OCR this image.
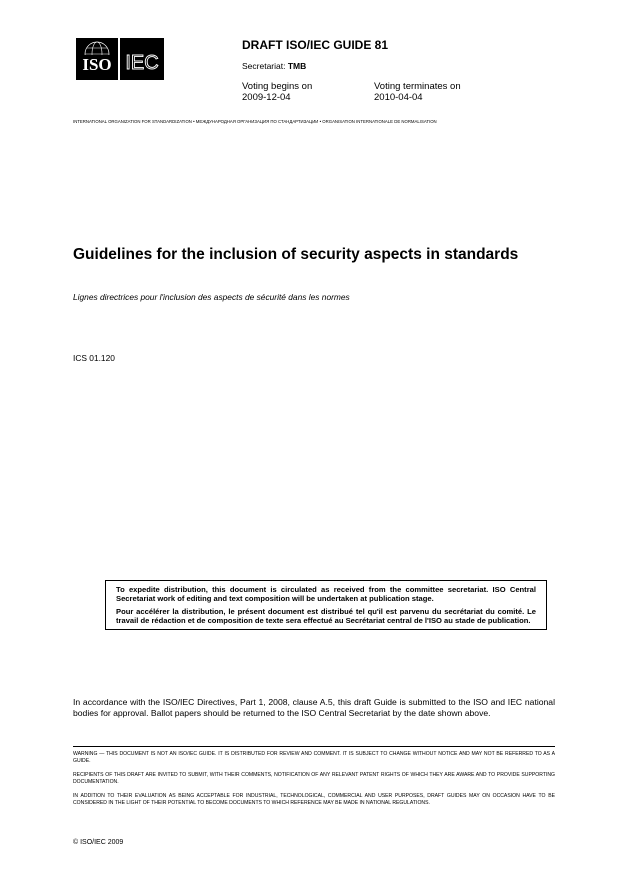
ISO IEC
DRAFT ISO/IEC GUIDE 81
Secretariat: TMB
Voting begins on
2009-12-04
Voting terminates on
2010-04-04
INTERNATIONAL ORGANIZATION FOR STANDARDIZATION • МЕЖДУНАРОДНАЯ ОРГАНИЗАЦИЯ ПО СТАНДАРТИЗАЦИИ • ORGANISATION INTERNATIONALE DE NORMALISATION
Guidelines for the inclusion of security aspects in standards
Lignes directrices pour l'inclusion des aspects de sécurité dans les normes
ICS 01.120

To expedite distribution, this document is circulated as received from the committee secretariat. ISO Central Secretariat work of editing and text composition will be undertaken at publication stage.

Pour accélérer la distribution, le présent document est distribué tel qu'il est parvenu du secrétariat du comité. Le travail de rédaction et de composition de texte sera effectué au Secrétariat central de l'ISO au stade de publication.

In accordance with the ISO/IEC Directives, Part 1, 2008, clause A.5, this draft Guide is submitted to the ISO and IEC national bodies for approval. Ballot papers should be returned to the ISO Central Secretariat by the date shown above.
WARNING — THIS DOCUMENT IS NOT AN ISO/IEC GUIDE. IT IS DISTRIBUTED FOR REVIEW AND COMMENT. IT IS SUBJECT TO CHANGE WITHOUT NOTICE AND MAY NOT BE REFERRED TO AS A GUIDE.
RECIPIENTS OF THIS DRAFT ARE INVITED TO SUBMIT, WITH THEIR COMMENTS, NOTIFICATION OF ANY RELEVANT PATENT RIGHTS OF WHICH THEY ARE AWARE AND TO PROVIDE SUPPORTING DOCUMENTATION.
IN ADDITION TO THEIR EVALUATION AS BEING ACCEPTABLE FOR INDUSTRIAL, TECHNOLOGICAL, COMMERCIAL AND USER PURPOSES, DRAFT GUIDES MAY ON OCCASION HAVE TO BE CONSIDERED IN THE LIGHT OF THEIR POTENTIAL TO BECOME DOCUMENTS TO WHICH REFERENCE MAY BE MADE IN NATIONAL REGULATIONS.
© ISO/IEC 2009
